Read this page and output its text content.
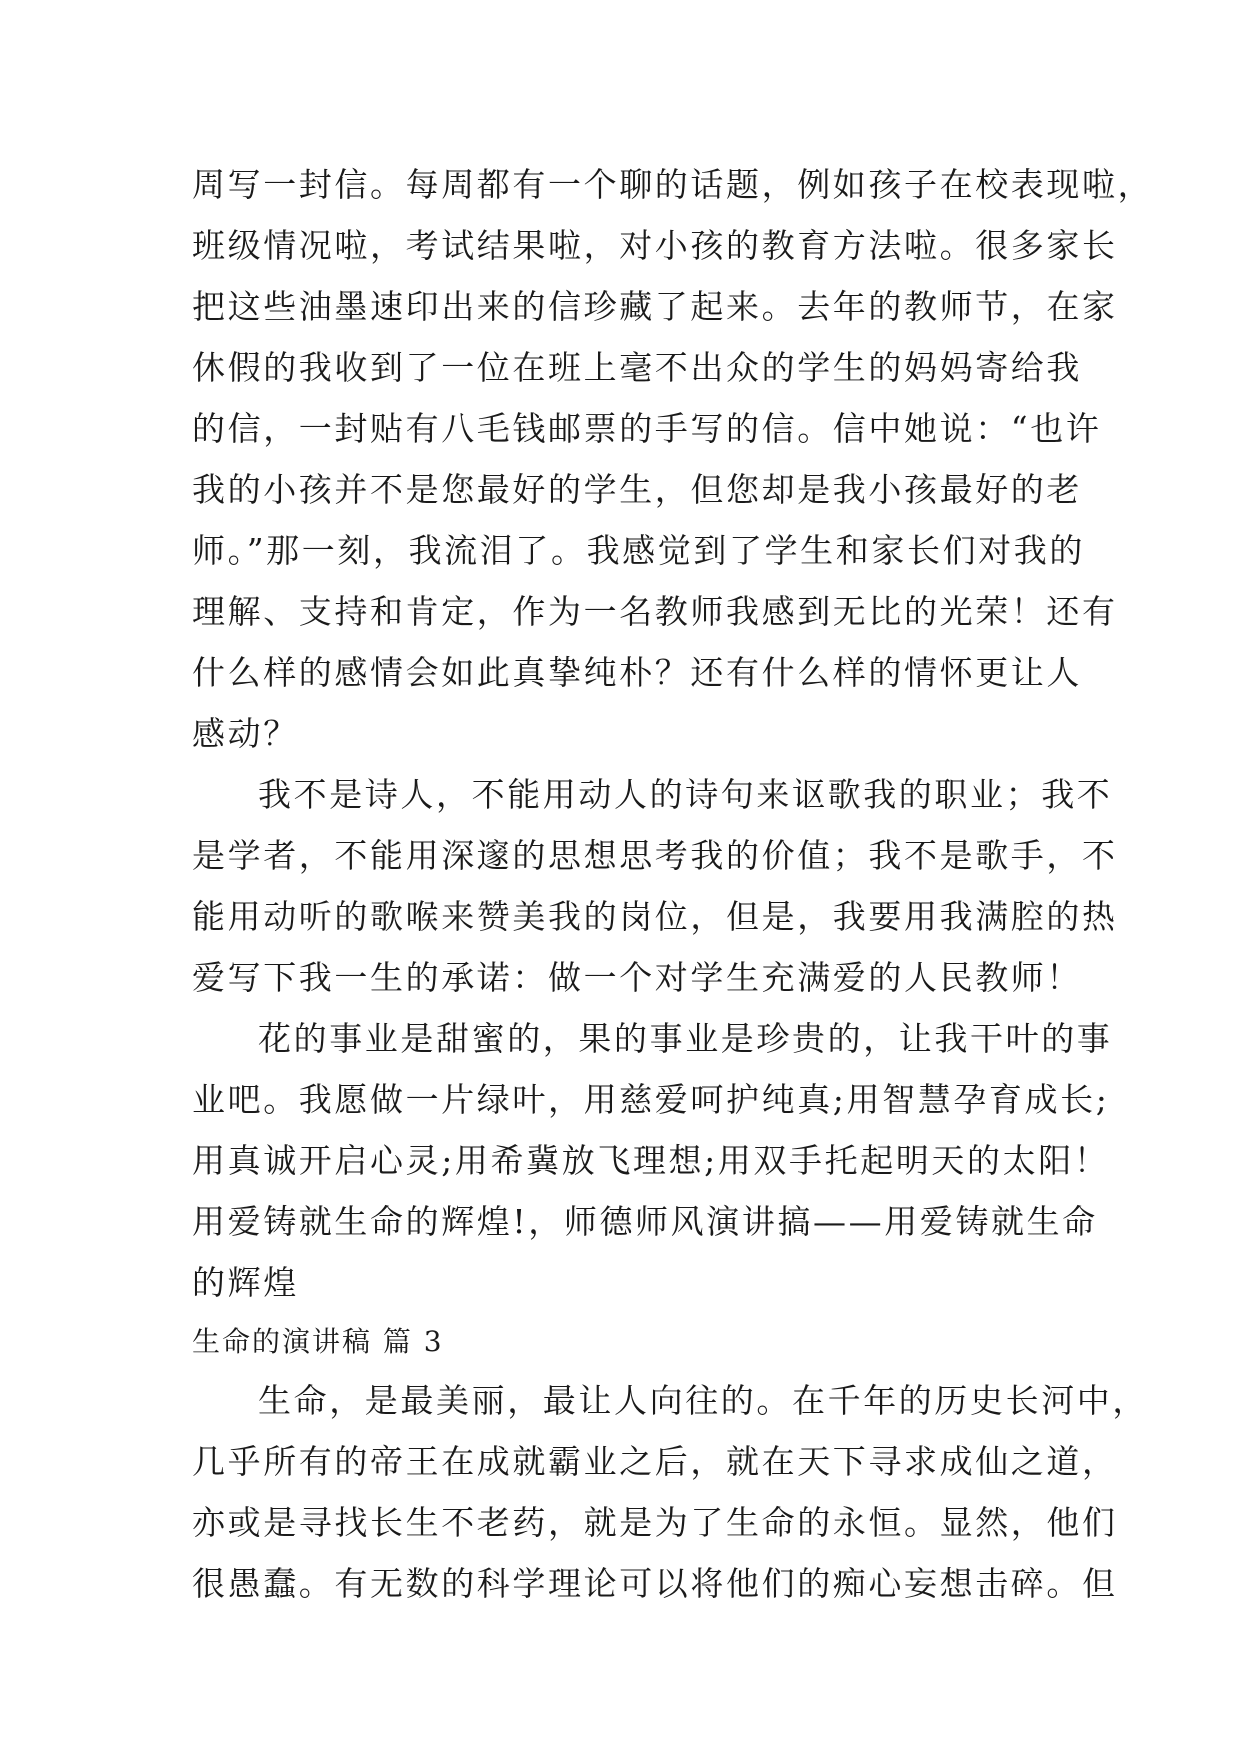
周写一封信。每周都有一个聊的话题，例如孩子在校表现啦，
班级情况啦，考试结果啦，对小孩的教育方法啦。很多家长
把这些油墨速印出来的信珍藏了起来。去年的教师节，在家
休假的我收到了一位在班上毫不出众的学生的妈妈寄给我
的信，一封贴有八毛钱邮票的手写的信。信中她说：“也许
我的小孩并不是您最好的学生，但您却是我小孩最好的老
师。”那一刻，我流泪了。我感觉到了学生和家长们对我的
理解、支持和肯定，作为一名教师我感到无比的光荣！还有
什么样的感情会如此真挚纯朴？还有什么样的情怀更让人
感动？
我不是诗人，不能用动人的诗句来讴歌我的职业；我不
是学者，不能用深邃的思想思考我的价值；我不是歌手，不
能用动听的歌喉来赞美我的岗位，但是，我要用我满腔的热
爱写下我一生的承诺：做一个对学生充满爱的人民教师！
花的事业是甜蜜的，果的事业是珍贵的，让我干叶的事
业吧。我愿做一片绿叶，用慈爱呵护纯真;用智慧孕育成长;
用真诚开启心灵;用希冀放飞理想;用双手托起明天的太阳！
用爱铸就生命的辉煌!，师德师风演讲搞——用爱铸就生命
的辉煌
生命的演讲稿 篇 3
生命，是最美丽，最让人向往的。在千年的历史长河中，
几乎所有的帝王在成就霸业之后，就在天下寻求成仙之道，
亦或是寻找长生不老药，就是为了生命的永恒。显然，他们
很愚蠢。有无数的科学理论可以将他们的痴心妄想击碎。但
